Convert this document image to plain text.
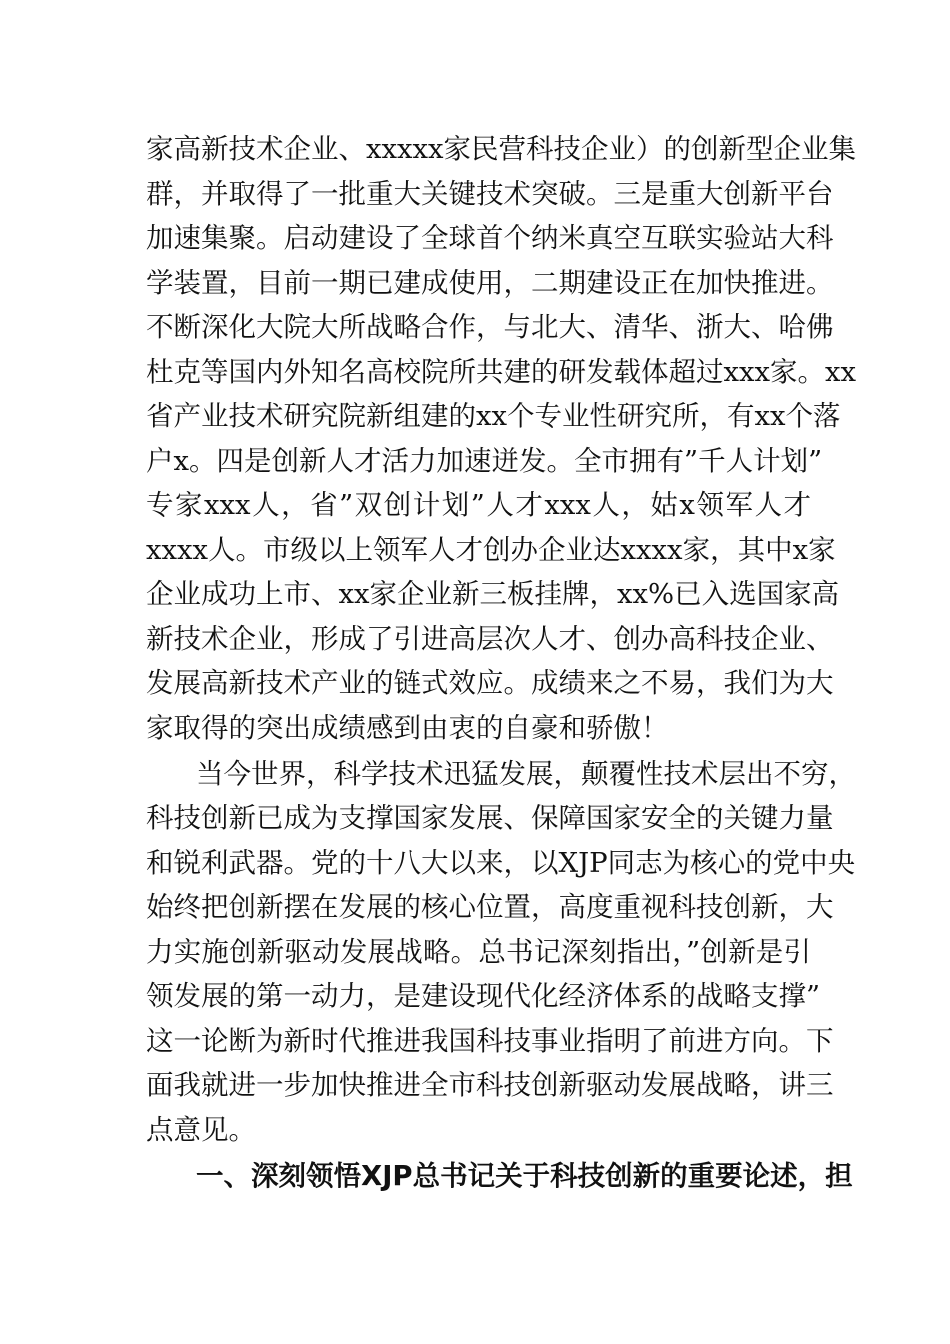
家高新技术企业、xxxxx家民营科技企业）的创新型企业集
群，并取得了一批重大关键技术突破。三是重大创新平台
加速集聚。启动建设了全球首个纳米真空互联实验站大科
学装置，目前一期已建成使用，二期建设正在加快推进。
不断深化大院大所战略合作，与北大、清华、浙大、哈佛
杜克等国内外知名高校院所共建的研发载体超过xxx家。xx
省产业技术研究院新组建的xx个专业性研究所，有xx个落
户x。四是创新人才活力加速迸发。全市拥有”千人计划”
专家xxx人，省”双创计划”人才xxx人，姑x领军人才
xxxx人。市级以上领军人才创办企业达xxxx家，其中x家
企业成功上市、xx家企业新三板挂牌，xx%已入选国家高
新技术企业，形成了引进高层次人才、创办高科技企业、
发展高新技术产业的链式效应。成绩来之不易，我们为大
家取得的突出成绩感到由衷的自豪和骄傲！
当今世界，科学技术迅猛发展，颠覆性技术层出不穷，
科技创新已成为支撑国家发展、保障国家安全的关键力量
和锐利武器。党的十八大以来，以XJP同志为核心的党中央
始终把创新摆在发展的核心位置，高度重视科技创新，大
力实施创新驱动发展战略。总书记深刻指出，”创新是引
领发展的第一动力，是建设现代化经济体系的战略支撑”
这一论断为新时代推进我国科技事业指明了前进方向。下
面我就进一步加快推进全市科技创新驱动发展战略，讲三
点意见。
一、深刻领悟XJP总书记关于科技创新的重要论述，担
